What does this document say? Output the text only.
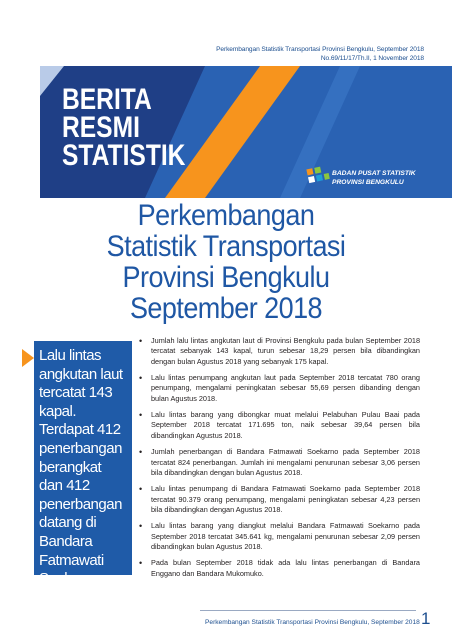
Perkembangan Statistik Transportasi Provinsi Bengkulu, September 2018
No.69/11/17/Th.II, 1 November 2018
BERITA
RESMI
STATISTIK
BADAN PUSAT STATISTIK
PROVINSI BENGKULU
Perkembangan
Statistik Transportasi
Provinsi Bengkulu
September 2018

Lalu lintas angkutan laut tercatat 143 kapal. Terdapat 412 penerbangan berangkat dan 412 penerbangan datang di Bandara Fatmawati Soekarno.

• Jumlah lalu lintas angkutan laut di Provinsi Bengkulu pada bulan September 2018 tercatat sebanyak 143 kapal, turun sebesar 18,29 persen bila dibandingkan dengan bulan Agustus 2018 yang sebanyak 175 kapal.
• Lalu lintas penumpang angkutan laut pada September 2018 tercatat 780 orang penumpang, mengalami peningkatan sebesar 55,69 persen dibanding dengan bulan Agustus 2018.
• Lalu lintas barang yang dibongkar muat melalui Pelabuhan Pulau Baai pada September 2018 tercatat 171.695 ton, naik sebesar 39,64 persen bila dibandingkan Agustus 2018.
• Jumlah penerbangan di Bandara Fatmawati Soekarno pada September 2018 tercatat 824 penerbangan. Jumlah ini mengalami penurunan sebesar 3,06 persen bila dibandingkan dengan bulan Agustus 2018.
• Lalu lintas penumpang di Bandara Fatmawati Soekarno pada September 2018 tercatat 90.379 orang penumpang, mengalami peningkatan sebesar 4,23 persen bila dibandingkan dengan Agustus 2018.
• Lalu lintas barang yang diangkut melalui Bandara Fatmawati Soekarno pada September 2018 tercatat 345.641 kg, mengalami penurunan sebesar 2,09 persen dibandingkan bulan Agustus 2018.
• Pada bulan September 2018 tidak ada lalu lintas penerbangan di Bandara Enggano dan Bandara Mukomuko.
Perkembangan Statistik Transportasi Provinsi Bengkulu, September 2018 1
